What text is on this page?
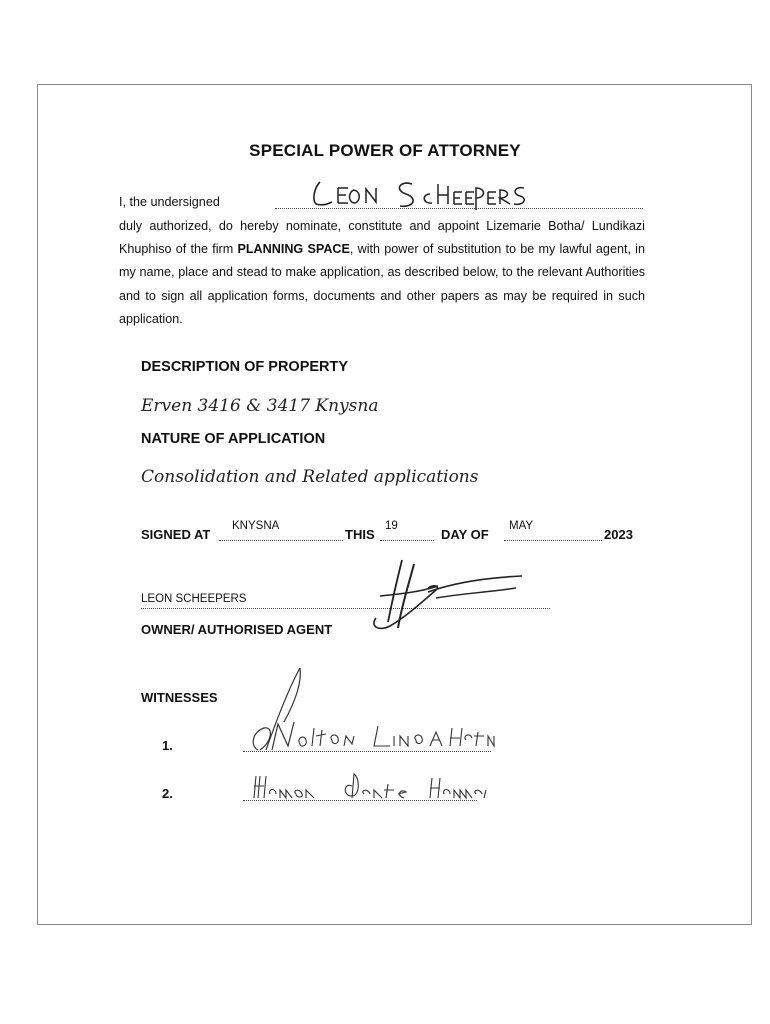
SPECIAL POWER OF ATTORNEY
I, the undersigned

duly authorized, do hereby nominate, constitute and appoint Lizemarie Botha/ Lundikazi Khuphiso of the firm PLANNING SPACE, with power of substitution to be my lawful agent, in my name, place and stead to make application, as described below, to the relevant Authorities and to sign all application forms, documents and other papers as may be required in such application.

DESCRIPTION OF PROPERTY
Erven 3416 & 3417 Knysna
NATURE OF APPLICATION
Consolidation and Related applications
SIGNED AT
KNYSNA
THIS
19
DAY OF
MAY
2023
LEON SCHEEPERS
OWNER/ AUTHORISED AGENT
WITNESSES
1.
2.
